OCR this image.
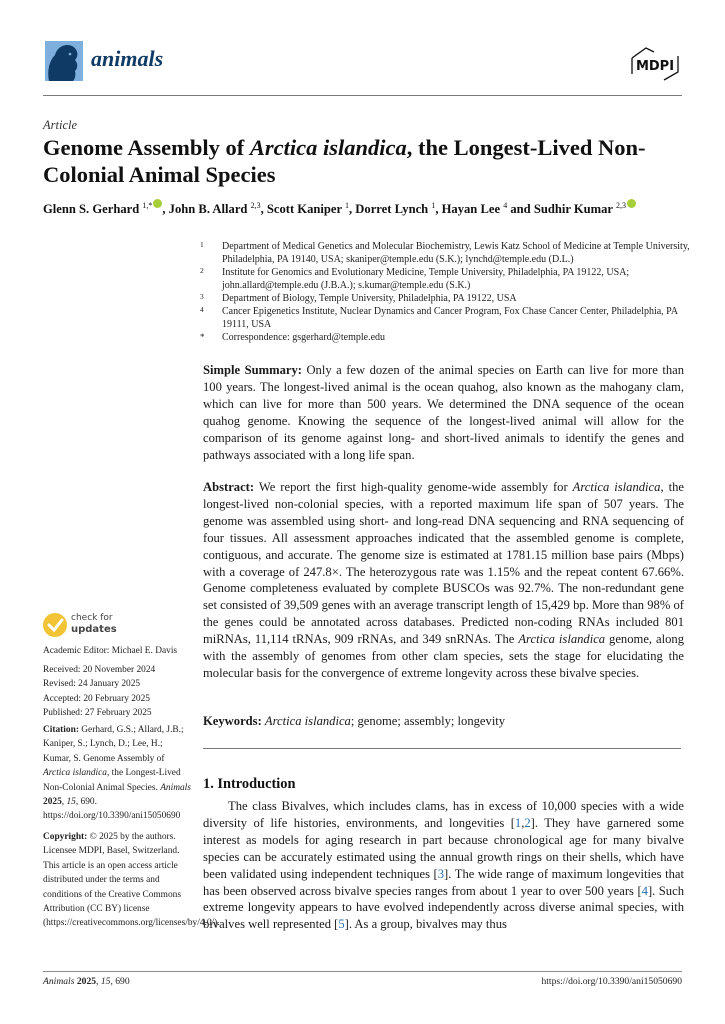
animals	MDPI
Article
Genome Assembly of Arctica islandica, the Longest-Lived Non-Colonial Animal Species
Glenn S. Gerhard $^{1,*}$ , John B. Allard $^{2,3}$, Scott Kaniper $^1$, Dorret Lynch $^1$, Hayan Lee $^4$ and Sudhir Kumar $^{2,3}$
1 Department of Medical Genetics and Molecular Biochemistry, Lewis Katz School of Medicine at Temple University, Philadelphia, PA 19140, USA; skaniper@temple.edu (S.K.); lynchd@temple.edu (D.L.)
2 Institute for Genomics and Evolutionary Medicine, Temple University, Philadelphia, PA 19122, USA; john.allard@temple.edu (J.B.A.); s.kumar@temple.edu (S.K.)
3 Department of Biology, Temple University, Philadelphia, PA 19122, USA
4 Cancer Epigenetics Institute, Nuclear Dynamics and Cancer Program, Fox Chase Cancer Center, Philadelphia, PA 19111, USA
* Correspondence: gsgerhard@temple.edu
Simple Summary: Only a few dozen of the animal species on Earth can live for more than 100 years. The longest-lived animal is the ocean quahog, also known as the mahogany clam, which can live for more than 500 years. We determined the DNA sequence of the ocean quahog genome. Knowing the sequence of the longest-lived animal will allow for the comparison of its genome against long- and short-lived animals to identify the genes and pathways associated with a long life span.
Abstract: We report the first high-quality genome-wide assembly for Arctica islandica, the longest-lived non-colonial species, with a reported maximum life span of 507 years. The genome was assembled using short- and long-read DNA sequencing and RNA sequencing of four tissues. All assessment approaches indicated that the assembled genome is complete, contiguous, and accurate. The genome size is estimated at 1781.15 million base pairs (Mbps) with a coverage of 247.8×. The heterozygous rate was 1.15% and the repeat content 67.66%. Genome completeness evaluated by complete BUSCOs was 92.7%. The non-redundant gene set consisted of 39,509 genes with an average transcript length of 15,429 bp. More than 98% of the genes could be annotated across databases. Predicted non-coding RNAs included 801 miRNAs, 11,114 tRNAs, 909 rRNAs, and 349 snRNAs. The Arctica islandica genome, along with the assembly of genomes from other clam species, sets the stage for elucidating the molecular basis for the convergence of extreme longevity across these bivalve species.
Keywords: Arctica islandica; genome; assembly; longevity
1. Introduction
The class Bivalves, which includes clams, has in excess of 10,000 species with a wide diversity of life histories, environments, and longevities [1,2]. They have garnered some interest as models for aging research in part because chronological age for many bivalve species can be accurately estimated using the annual growth rings on their shells, which have been validated using independent techniques [3]. The wide range of maximum longevities that has been observed across bivalve species ranges from about 1 year to over 500 years [4]. Such extreme longevity appears to have evolved independently across diverse animal species, with bivalves well represented [5]. As a group, bivalves may thus
check for
updates
Academic Editor: Michael E. Davis
Received: 20 November 2024
Revised: 24 January 2025
Accepted: 20 February 2025
Published: 27 February 2025
Citation: Gerhard, G.S.; Allard, J.B.; Kaniper, S.; Lynch, D.; Lee, H.; Kumar, S. Genome Assembly of Arctica islandica, the Longest-Lived Non-Colonial Animal Species. Animals 2025, 15, 690. https://doi.org/10.3390/ani15050690
Copyright: © 2025 by the authors. Licensee MDPI, Basel, Switzerland. This article is an open access article distributed under the terms and conditions of the Creative Commons Attribution (CC BY) license (https://creativecommons.org/licenses/by/4.0/).
Animals 2025, 15, 690	https://doi.org/10.3390/ani15050690
